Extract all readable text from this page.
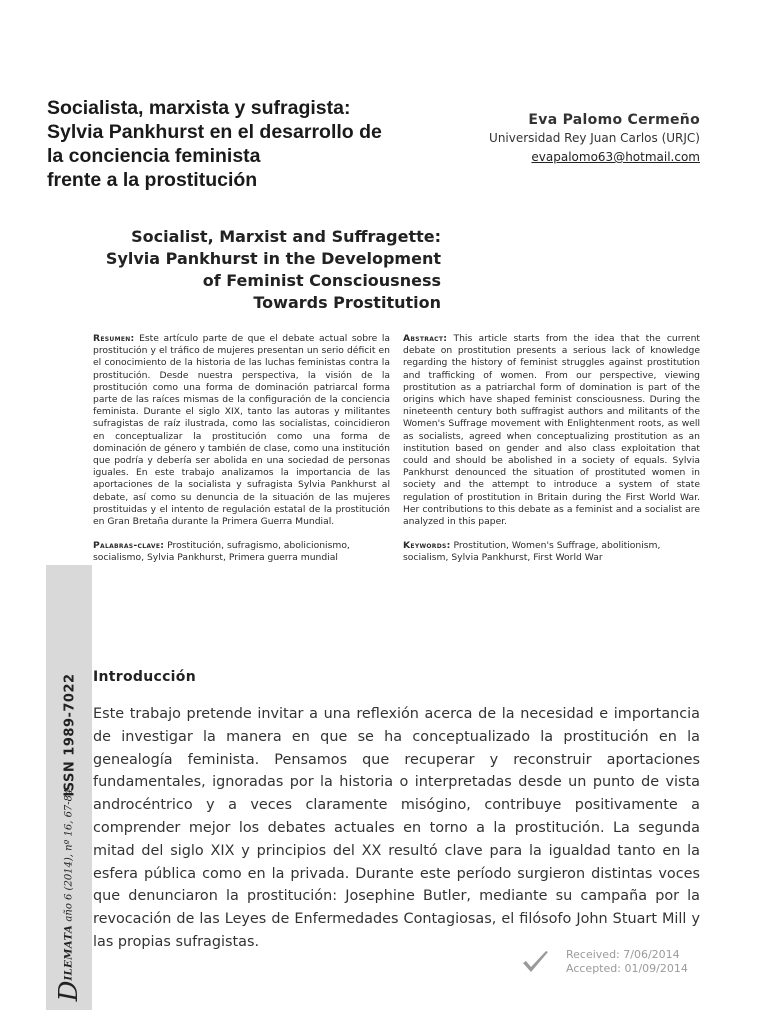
ISSN 1989-7022
DILEMATA año 6 (2014), nº 16, 67-84
Socialista, marxista y sufragista:
Sylvia Pankhurst en el desarrollo de
la conciencia feminista
frente a la prostitución
Eva Palomo Cermeño
Universidad Rey Juan Carlos (URJC)
evapalomo63@hotmail.com
Socialist, Marxist and Suffragette:
Sylvia Pankhurst in the Development
of Feminist Consciousness
Towards Prostitution

Resumen: Este artículo parte de que el debate actual sobre la prostitución y el tráfico de mujeres presentan un serio déficit en el conocimiento de la historia de las luchas feministas contra la prostitución. Desde nuestra perspectiva, la visión de la prostitución como una forma de dominación patriarcal forma parte de las raíces mismas de la configuración de la conciencia feminista. Durante el siglo XIX, tanto las autoras y militantes sufragistas de raíz ilustrada, como las socialistas, coincidieron en conceptualizar la prostitución como una forma de dominación de género y también de clase, como una institución que podría y debería ser abolida en una sociedad de personas iguales. En este trabajo analizamos la importancia de las aportaciones de la socialista y sufragista Sylvia Pankhurst al debate, así como su denuncia de la situación de las mujeres prostituidas y el intento de regulación estatal de la prostitución en Gran Bretaña durante la Primera Guerra Mundial.

Palabras-clave: Prostitución, sufragismo, abolicionismo, socialismo, Sylvia Pankhurst, Primera guerra mundial

Abstract: This article starts from the idea that the current debate on prostitution presents a serious lack of knowledge regarding the history of feminist struggles against prostitution and trafficking of women. From our perspective, viewing prostitution as a patriarchal form of domination is part of the origins which have shaped feminist consciousness. During the nineteenth century both suffragist authors and militants of the Women's Suffrage movement with Enlightenment roots, as well as socialists, agreed when conceptualizing prostitution as an institution based on gender and also class exploitation that could and should be abolished in a society of equals. Sylvia Pankhurst denounced the situation of prostituted women in society and the attempt to introduce a system of state regulation of prostitution in Britain during the First World War. Her contributions to this debate as a feminist and a socialist are analyzed in this paper.

Keywords: Prostitution, Women's Suffrage, abolitionism, socialism, Sylvia Pankhurst, First World War

Introducción

Este trabajo pretende invitar a una reflexión acerca de la necesidad e importancia de investigar la manera en que se ha conceptualizado la prostitución en la genealogía feminista. Pensamos que recuperar y reconstruir aportaciones fundamentales, ignoradas por la historia o interpretadas desde un punto de vista androcéntrico y a veces claramente misógino, contribuye positivamente a comprender mejor los debates actuales en torno a la prostitución. La segunda mitad del siglo XIX y principios del XX resultó clave para la igualdad tanto en la esfera pública como en la privada. Durante este período surgieron distintas voces que denunciaron la prostitución: Josephine Butler, mediante su campaña por la revocación de las Leyes de Enfermedades Contagiosas, el filósofo John Stuart Mill y las propias sufragistas.

Received: 7/06/2014
Accepted: 01/09/2014
